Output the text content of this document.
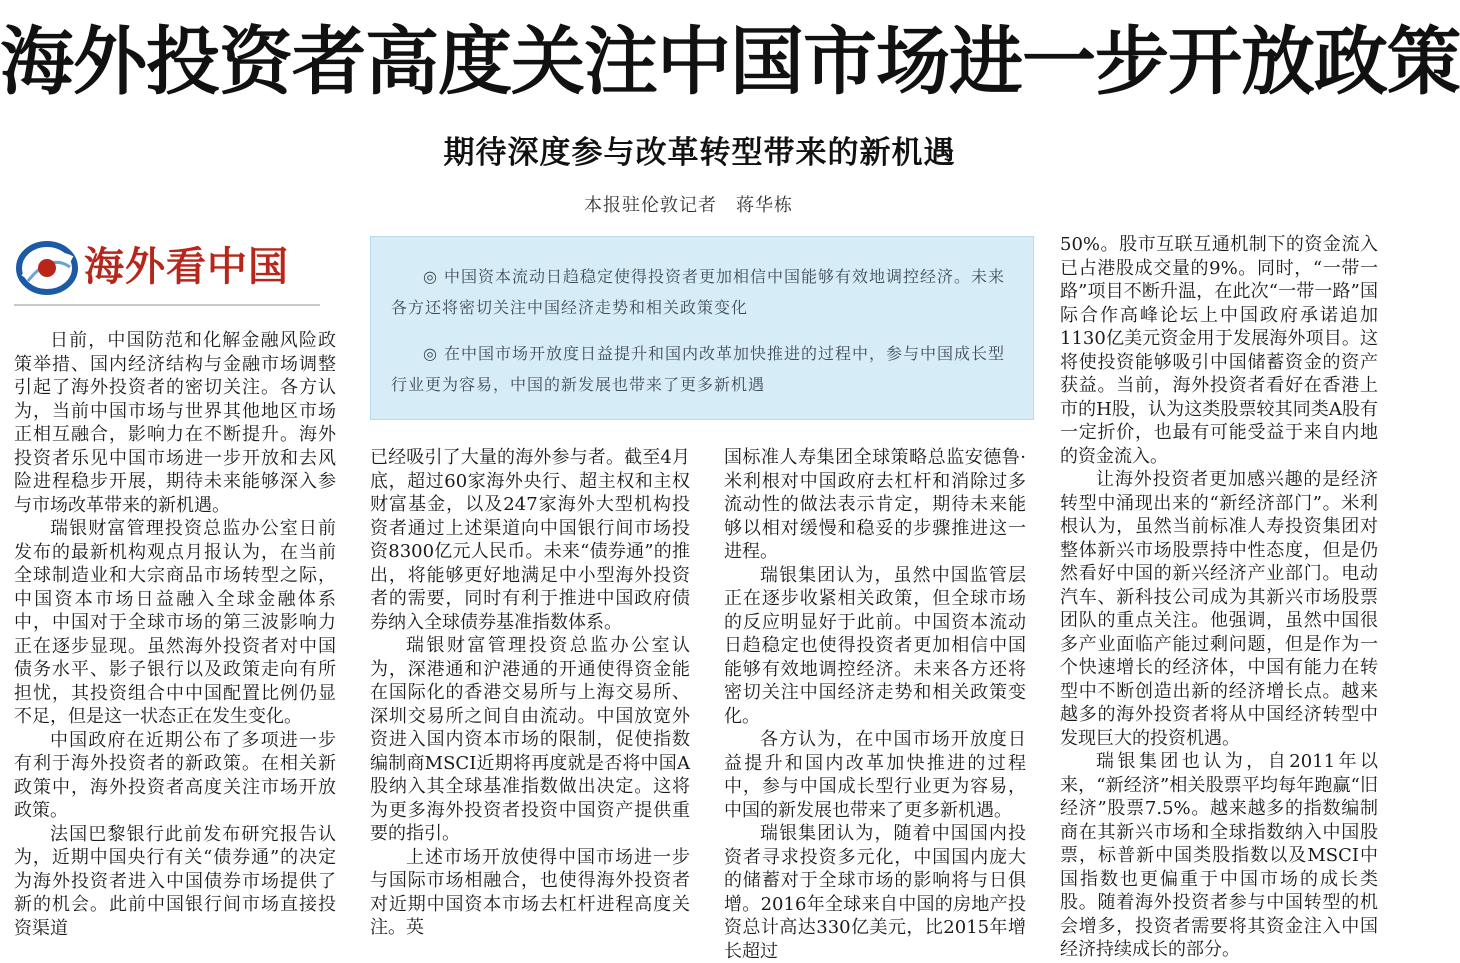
海外投资者高度关注中国市场进一步开放政策
期待深度参与改革转型带来的新机遇
本报驻伦敦记者　蒋华栋
海外看中国	◎ 中国资本流动日趋稳定使得投资者更加相信中国能够有效地调控经济。未来各方还将密切关注中国经济走势和相关政策变化

◎ 在中国市场开放度日益提升和国内改革加快推进的过程中，参与中国成长型行业更为容易，中国的新发展也带来了更多新机遇

日前，中国防范和化解金融风险政策举措、国内经济结构与金融市场调整引起了海外投资者的密切关注。各方认为，当前中国市场与世界其他地区市场正相互融合，影响力在不断提升。海外投资者乐见中国市场进一步开放和去风险进程稳步开展，期待未来能够深入参与市场改革带来的新机遇。

瑞银财富管理投资总监办公室日前发布的最新机构观点月报认为，在当前全球制造业和大宗商品市场转型之际，中国资本市场日益融入全球金融体系中，中国对于全球市场的第三波影响力正在逐步显现。虽然海外投资者对中国债务水平、影子银行以及政策走向有所担忧，其投资组合中中国配置比例仍显不足，但是这一状态正在发生变化。

中国政府在近期公布了多项进一步有利于海外投资者的新政策。在相关新政策中，海外投资者高度关注市场开放政策。

法国巴黎银行此前发布研究报告认为，近期中国央行有关“债券通”的决定为海外投资者进入中国债券市场提供了新的机会。此前中国银行间市场直接投资渠道

已经吸引了大量的海外参与者。截至4月底，超过60家海外央行、超主权和主权财富基金，以及247家海外大型机构投资者通过上述渠道向中国银行间市场投资8300亿元人民币。未来“债券通”的推出，将能够更好地满足中小型海外投资者的需要，同时有利于推进中国政府债券纳入全球债券基准指数体系。

瑞银财富管理投资总监办公室认为，深港通和沪港通的开通使得资金能在国际化的香港交易所与上海交易所、深圳交易所之间自由流动。中国放宽外资进入国内资本市场的限制，促使指数编制商MSCI近期将再度就是否将中国A股纳入其全球基准指数做出决定。这将为更多海外投资者投资中国资产提供重要的指引。

上述市场开放使得中国市场进一步与国际市场相融合，也使得海外投资者对近期中国资本市场去杠杆进程高度关注。英

国标准人寿集团全球策略总监安德鲁·米利根对中国政府去杠杆和消除过多流动性的做法表示肯定，期待未来能够以相对缓慢和稳妥的步骤推进这一进程。

瑞银集团认为，虽然中国监管层正在逐步收紧相关政策，但全球市场的反应明显好于此前。中国资本流动日趋稳定也使得投资者更加相信中国能够有效地调控经济。未来各方还将密切关注中国经济走势和相关政策变化。

各方认为，在中国市场开放度日益提升和国内改革加快推进的过程中，参与中国成长型行业更为容易，中国的新发展也带来了更多新机遇。

瑞银集团认为，随着中国国内投资者寻求投资多元化，中国国内庞大的储蓄对于全球市场的影响将与日俱增。2016年全球来自中国的房地产投资总计高达330亿美元，比2015年增长超过

50%。股市互联互通机制下的资金流入已占港股成交量的9%。同时，“一带一路”项目不断升温，在此次“一带一路”国际合作高峰论坛上中国政府承诺追加1130亿美元资金用于发展海外项目。这将使投资能够吸引中国储蓄资金的资产获益。当前，海外投资者看好在香港上市的H股，认为这类股票较其同类A股有一定折价，也最有可能受益于来自内地的资金流入。

让海外投资者更加感兴趣的是经济转型中涌现出来的“新经济部门”。米利根认为，虽然当前标准人寿投资集团对整体新兴市场股票持中性态度，但是仍然看好中国的新兴经济产业部门。电动汽车、新科技公司成为其新兴市场股票团队的重点关注。他强调，虽然中国很多产业面临产能过剩问题，但是作为一个快速增长的经济体，中国有能力在转型中不断创造出新的经济增长点。越来越多的海外投资者将从中国经济转型中发现巨大的投资机遇。

瑞银集团也认为，自2011年以来，“新经济”相关股票平均每年跑赢“旧经济”股票7.5%。越来越多的指数编制商在其新兴市场和全球指数纳入中国股票，标普新中国类股指数以及MSCI中国指数也更偏重于中国市场的成长类股。随着海外投资者参与中国转型的机会增多，投资者需要将其资金注入中国经济持续成长的部分。
